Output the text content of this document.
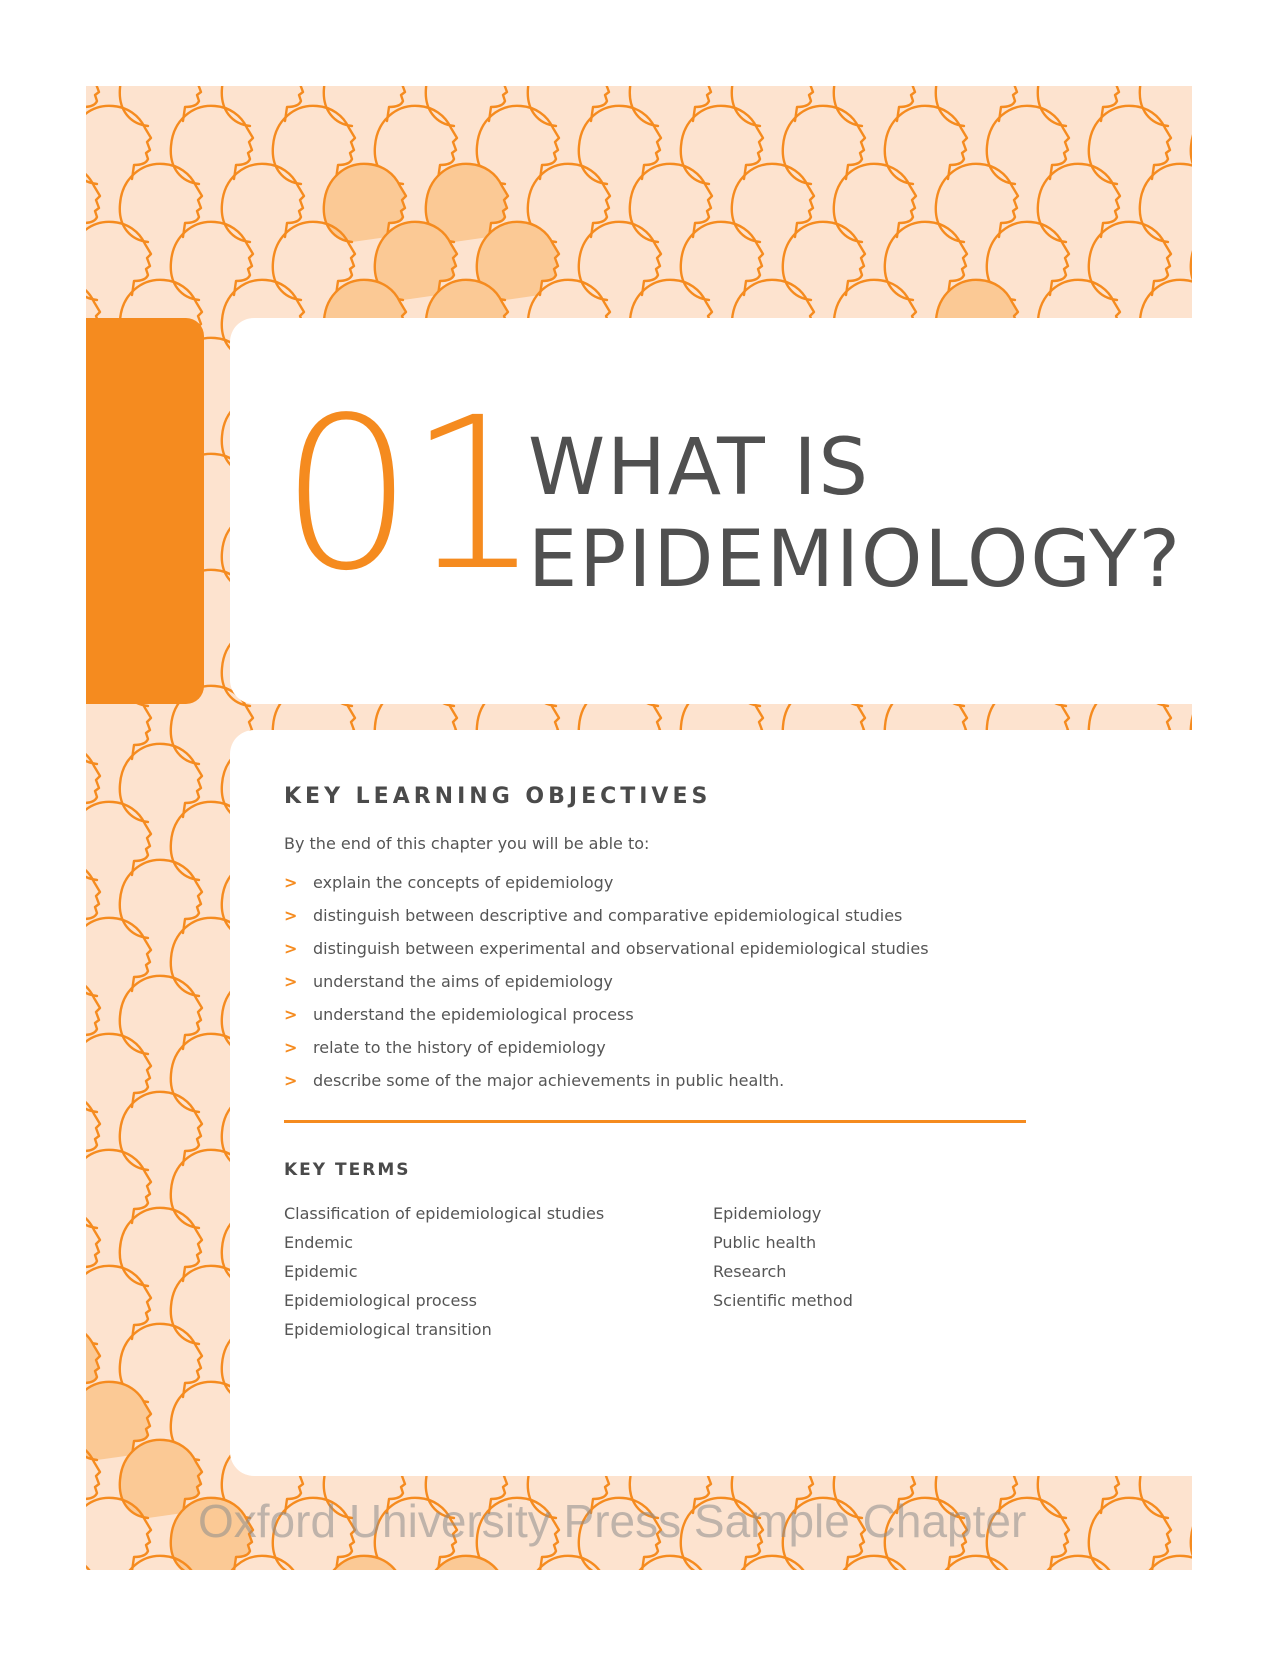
01
WHAT IS
EPIDEMIOLOGY?
KEY LEARNING OBJECTIVES
By the end of this chapter you will be able to:
> explain the concepts of epidemiology
> distinguish between descriptive and comparative epidemiological studies
> distinguish between experimental and observational epidemiological studies
> understand the aims of epidemiology
> understand the epidemiological process
> relate to the history of epidemiology
> describe some of the major achievements in public health.
KEY TERMS
Classification of epidemiological studies
Endemic
Epidemic
Epidemiological process
Epidemiological transition
Epidemiology
Public health
Research
Scientific method
Oxford University Press Sample Chapter
